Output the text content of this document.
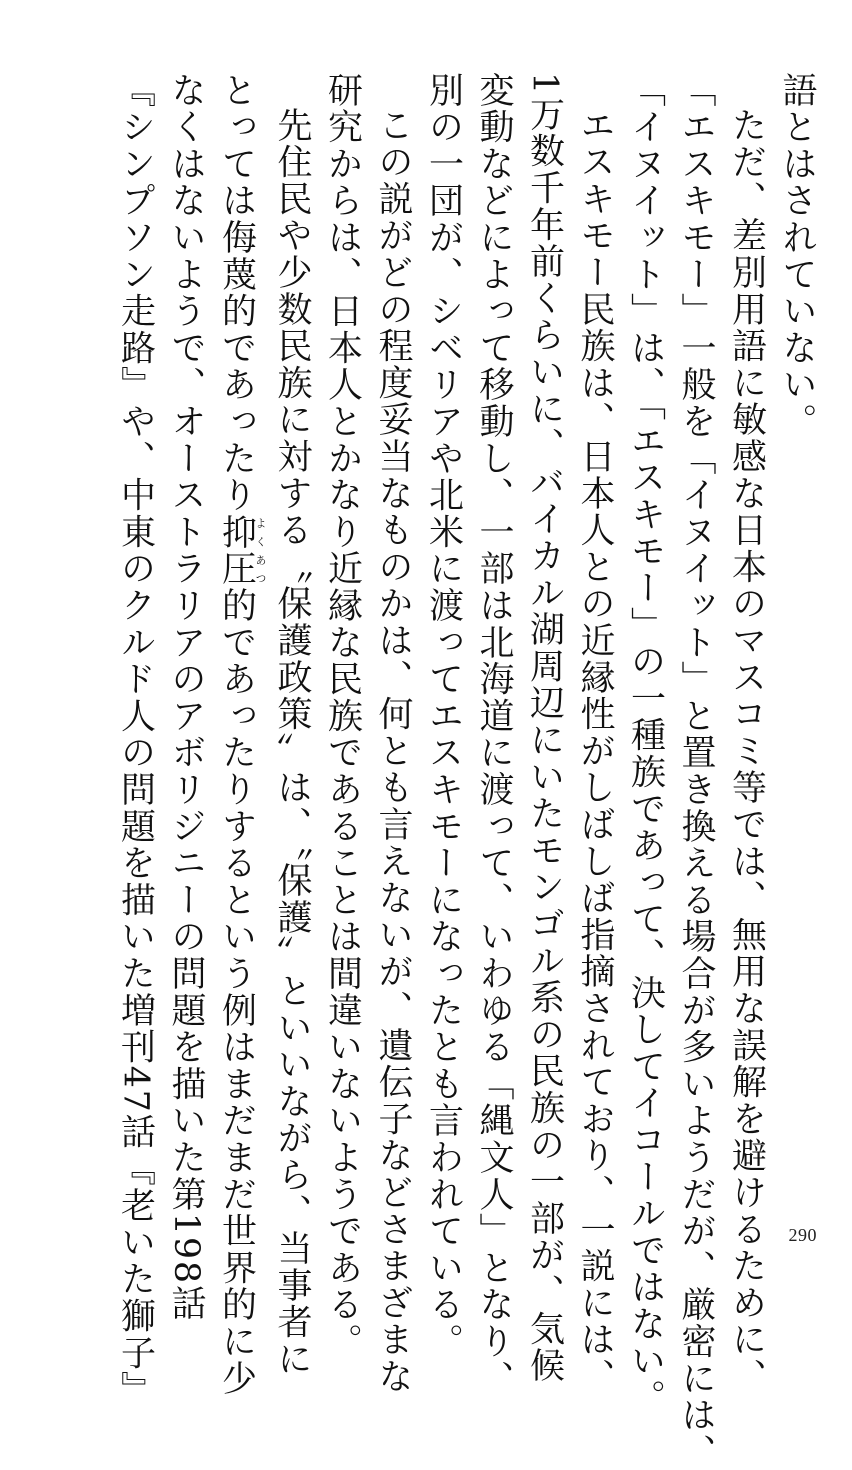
語とはされていない。
ただ、差別用語に敏感な日本のマスコミ等では、無用な誤解を避けるために、
「エスキモー」一般を「イヌイット」と置き換える場合が多いようだが、厳密には、
「イヌイット」は、「エスキモー」の一種族であって、決してイコールではない。
エスキモー民族は、日本人との近縁性がしばしば指摘されており、一説には、
1万数千年前くらいに、バイカル湖周辺にいたモンゴル系の民族の一部が、気候
変動などによって移動し、一部は北海道に渡って、いわゆる「縄文人」となり、
別の一団が、シベリアや北米に渡ってエスキモーになったとも言われている。
この説がどの程度妥当なものかは、何とも言えないが、遺伝子などさまざまな
研究からは、日本人とかなり近縁な民族であることは間違いないようである。
先住民や少数民族に対する〝保護政策〟は、〝保護〟といいながら、当事者に
とっては侮蔑的であったり抑よく圧あつ的であったりするという例はまだまだ世界的に少
なくはないようで、オーストラリアのアボリジニーの問題を描いた第198話
『シンプソン走路』や、中東のクルド人の問題を描いた増刊47話『老いた獅子』	290
